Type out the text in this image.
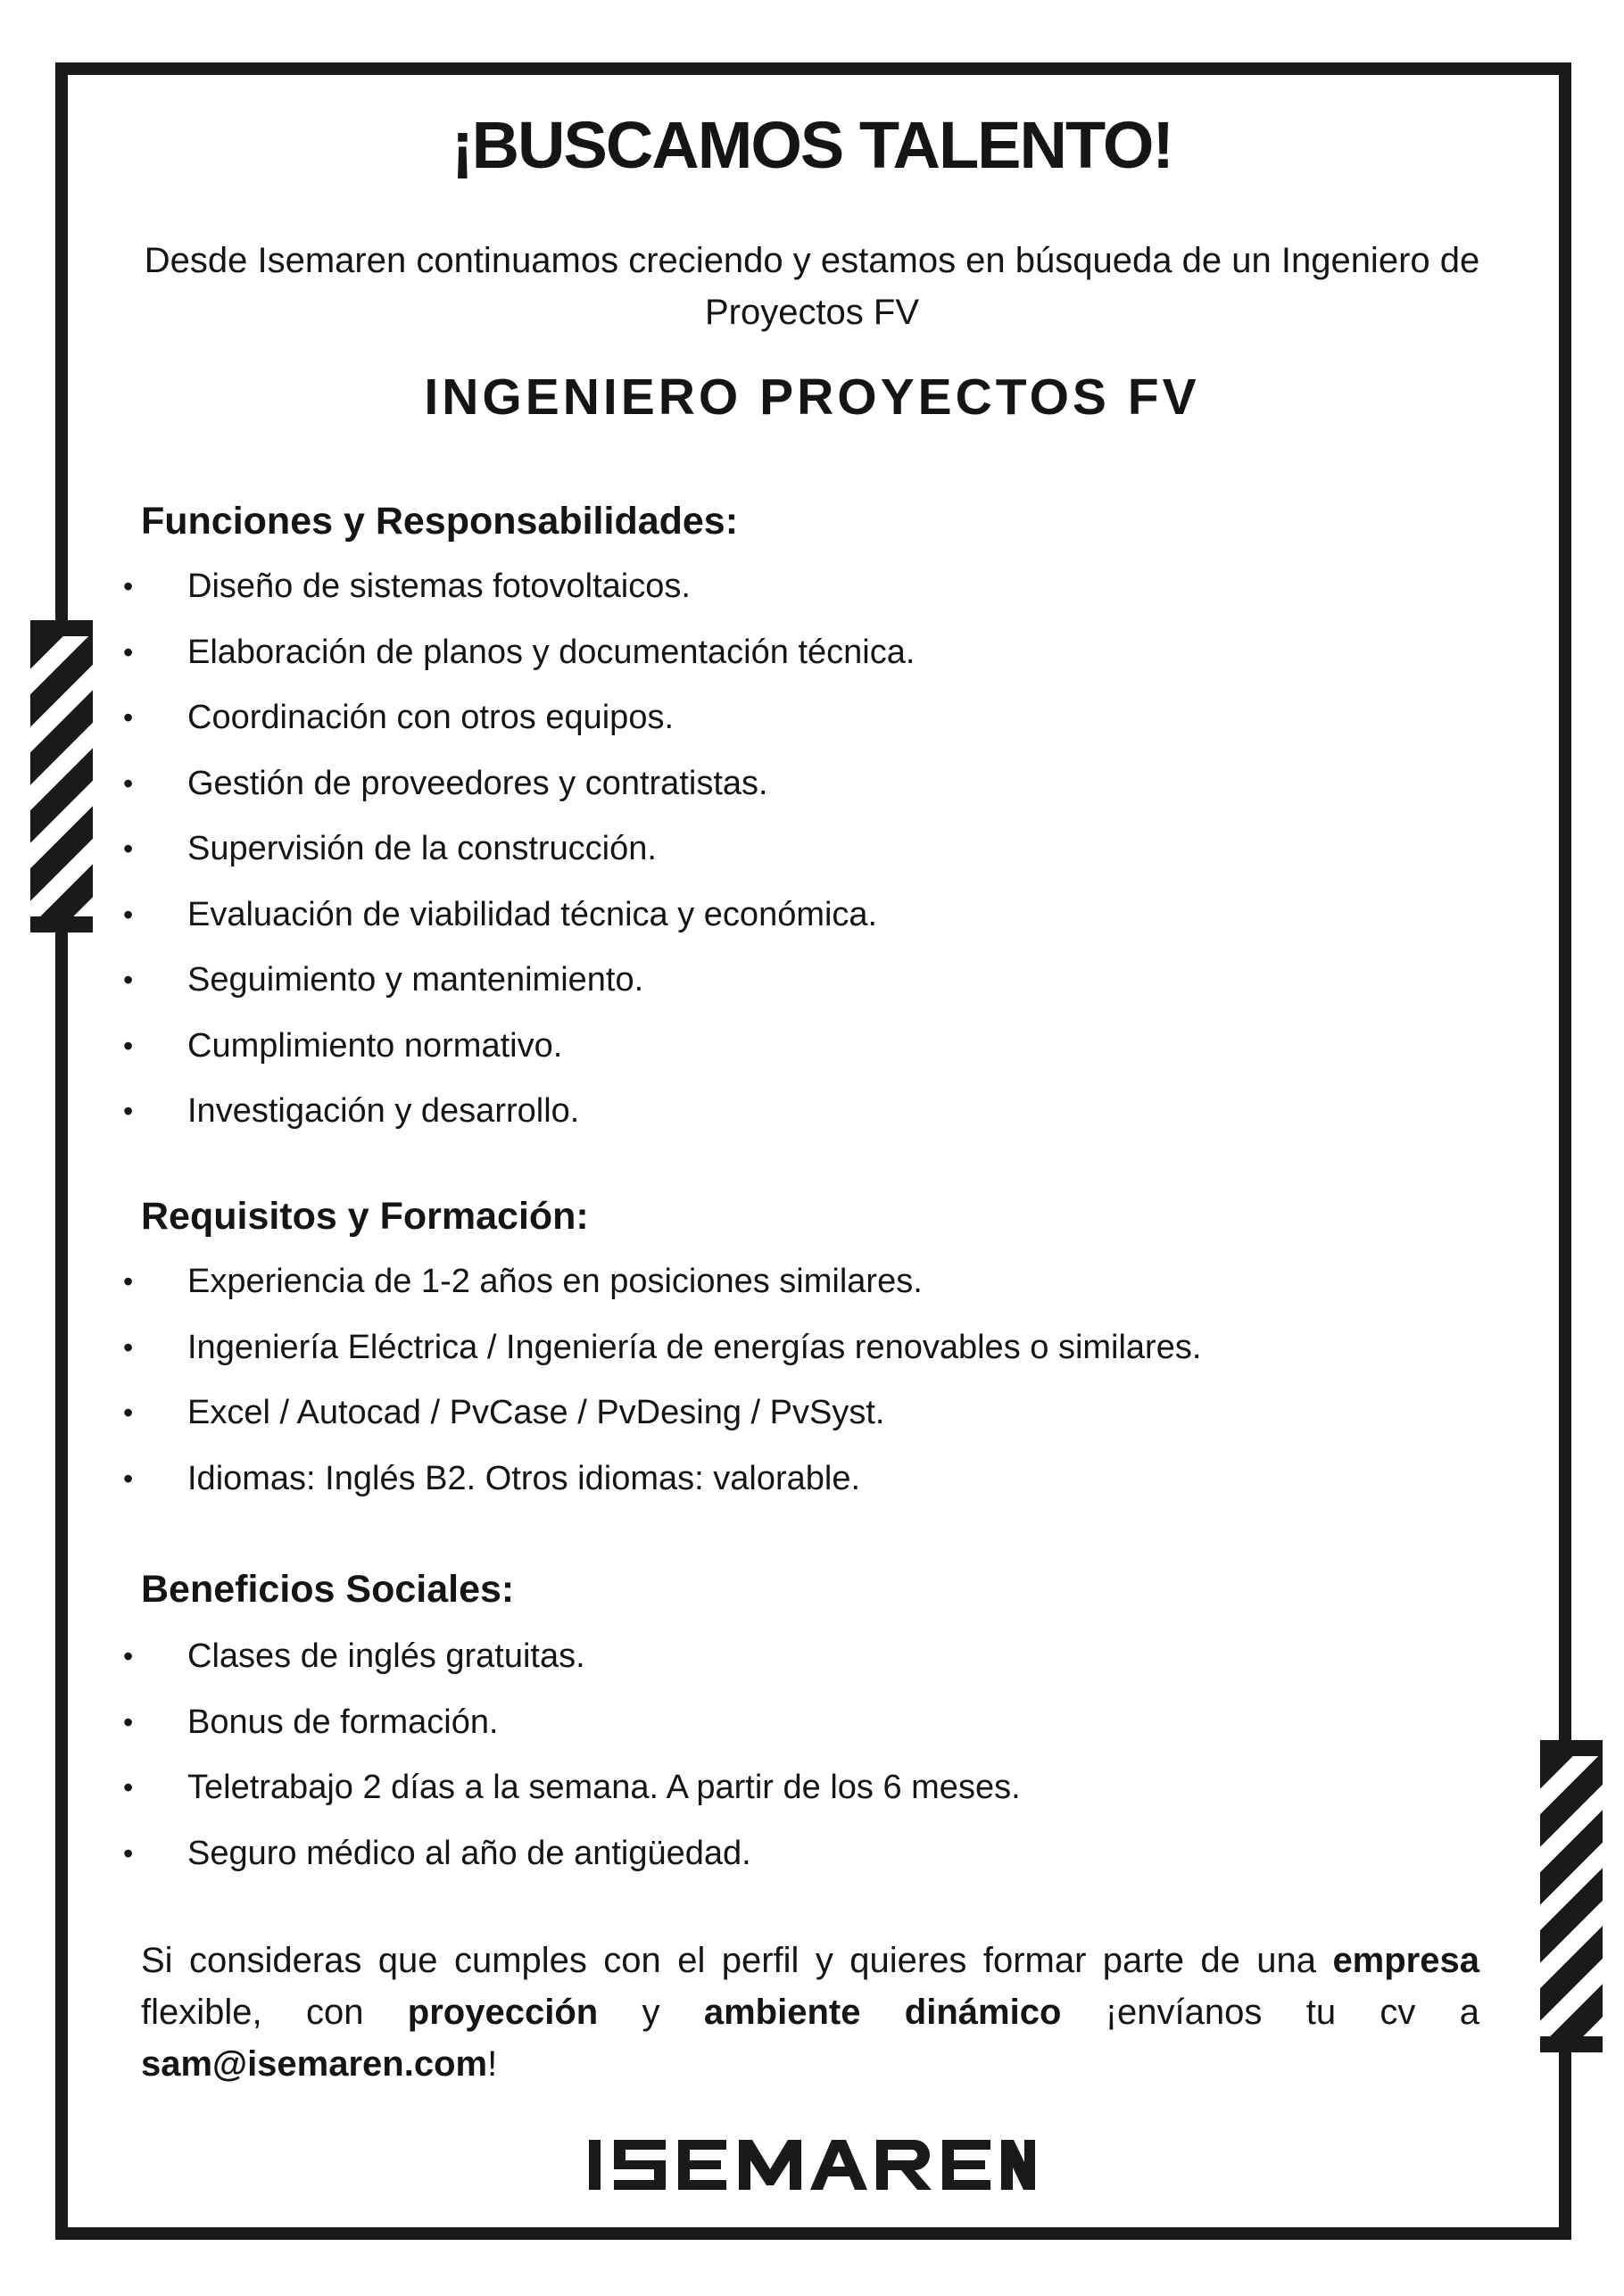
¡BUSCAMOS TALENTO!

Desde Isemaren continuamos creciendo y estamos en búsqueda de un Ingeniero de Proyectos FV

INGENIERO PROYECTOS FV
Funciones y Responsabilidades:
•	Diseño de sistemas fotovoltaicos.
•	Elaboración de planos y documentación técnica.
•	Coordinación con otros equipos.
•	Gestión de proveedores y contratistas.
•	Supervisión de la construcción.
•	Evaluación de viabilidad técnica y económica.
•	Seguimiento y mantenimiento.
•	Cumplimiento normativo.
•	Investigación y desarrollo.
Requisitos y Formación:
•	Experiencia de 1-2 años en posiciones similares.
•	Ingeniería Eléctrica / Ingeniería de energías renovables o similares.
•	Excel / Autocad / PvCase / PvDesing / PvSyst.
•	Idiomas: Inglés B2. Otros idiomas: valorable.
Beneficios Sociales:
•	Clases de inglés gratuitas.
•	Bonus de formación.
•	Teletrabajo 2 días a la semana. A partir de los 6 meses.
•	Seguro médico al año de antigüedad.

Si consideras que cumples con el perfil y quieres formar parte de una empresa flexible, con proyección y ambiente dinámico ¡envíanos tu cv a sam@isemaren.com!
